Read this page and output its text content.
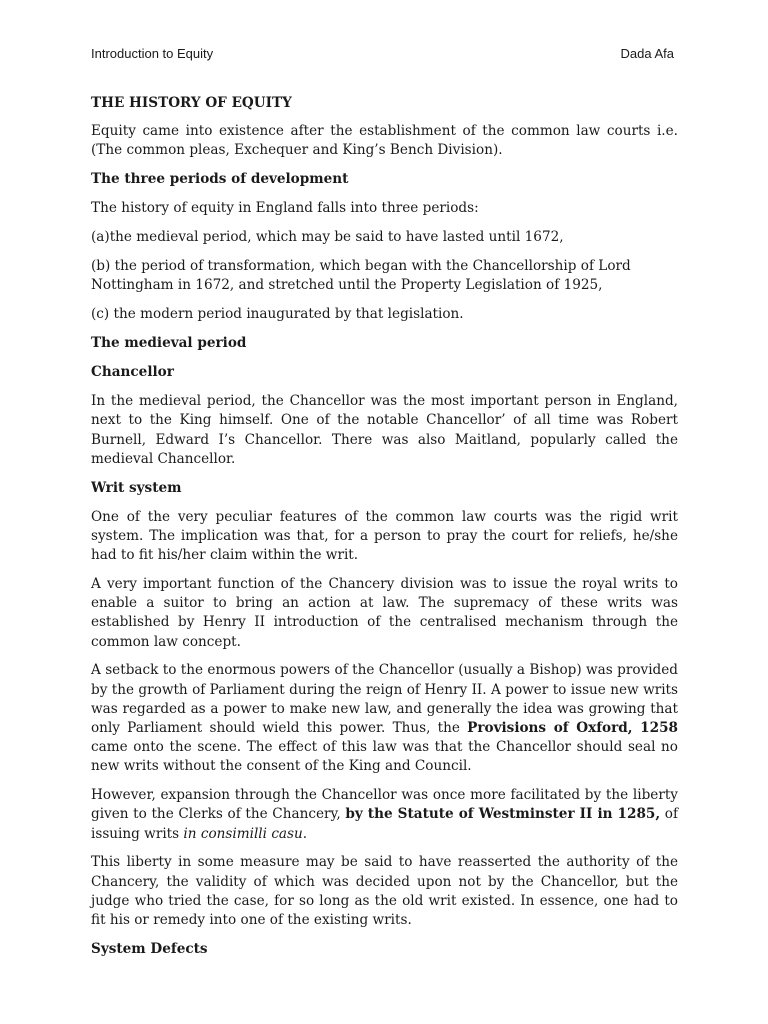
Introduction to Equity	Dada Afa
THE HISTORY OF EQUITY

Equity came into existence after the establishment of the common law courts i.e. (The common pleas, Exchequer and King’s Bench Division).

The three periods of development

The history of equity in England falls into three periods:

(a)the medieval period, which may be said to have lasted until 1672,

(b) the period of transformation, which began with the Chancellorship of Lord Nottingham in 1672, and stretched until the Property Legislation of 1925,

(c) the modern period inaugurated by that legislation.

The medieval period
Chancellor

In the medieval period, the Chancellor was the most important person in England, next to the King himself. One of the notable Chancellor’ of all time was Robert Burnell, Edward I’s Chancellor. There was also Maitland, popularly called the medieval Chancellor.

Writ system

One of the very peculiar features of the common law courts was the rigid writ system. The implication was that, for a person to pray the court for reliefs, he/she had to fit his/her claim within the writ.

A very important function of the Chancery division was to issue the royal writs to enable a suitor to bring an action at law. The supremacy of these writs was established by Henry II introduction of the centralised mechanism through the common law concept.

A setback to the enormous powers of the Chancellor (usually a Bishop) was provided by the growth of Parliament during the reign of Henry II. A power to issue new writs was regarded as a power to make new law, and generally the idea was growing that only Parliament should wield this power. Thus, the Provisions of Oxford, 1258 came onto the scene. The effect of this law was that the Chancellor should seal no new writs without the consent of the King and Council.

However, expansion through the Chancellor was once more facilitated by the liberty given to the Clerks of the Chancery, by the Statute of Westminster II in 1285, of issuing writs in consimilli casu.

This liberty in some measure may be said to have reasserted the authority of the Chancery, the validity of which was decided upon not by the Chancellor, but the judge who tried the case, for so long as the old writ existed. In essence, one had to fit his or remedy into one of the existing writs.

System Defects
